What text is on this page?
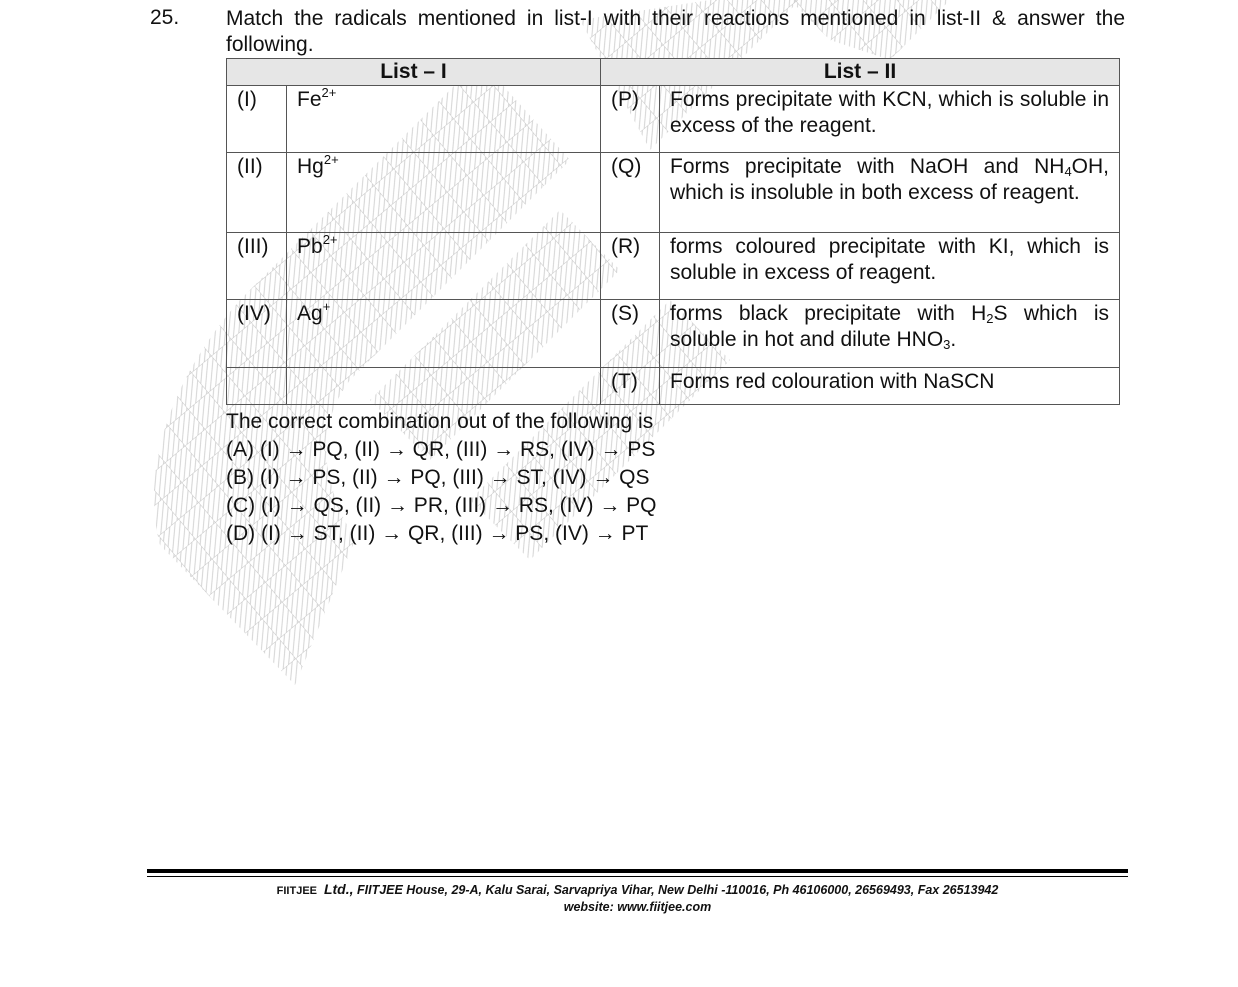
25. Match the radicals mentioned in list-I with their reactions mentioned in list-II & answer the following.
List – I		List – II	
(I)	$Fe^{2+}$	(P)	Forms precipitate with KCN, which is soluble in excess of the reagent.
(II)	$Hg^{2+}$	(Q)	Forms precipitate with NaOH and $NH_4OH$, which is insoluble in both excess of reagent.
(III)	$Pb^{2+}$	(R)	forms coloured precipitate with KI, which is soluble in excess of reagent.
(IV)	Ag+	(S)	forms black precipitate with $H_2S$ which is soluble in hot and dilute $HNO_3$.
		(T)	Forms red colouration with NaSCN
The correct combination out of the following is
(A) (I) → PQ, (II) → QR, (III) → RS, (IV) → PS
(B) (I) → PS, (II) → PQ, (III) → ST, (IV) → QS
(C) (I) → QS, (II) → PR, (III) → RS, (IV) → PQ
(D) (I) → ST, (II) → QR, (III) → PS, (IV) → PT
FIITJEE Ltd., FIITJEE House, 29-A, Kalu Sarai, Sarvapriya Vihar, New Delhi -110016, Ph 46106000, 26569493, Fax 26513942
website: www.fiitjee.com
